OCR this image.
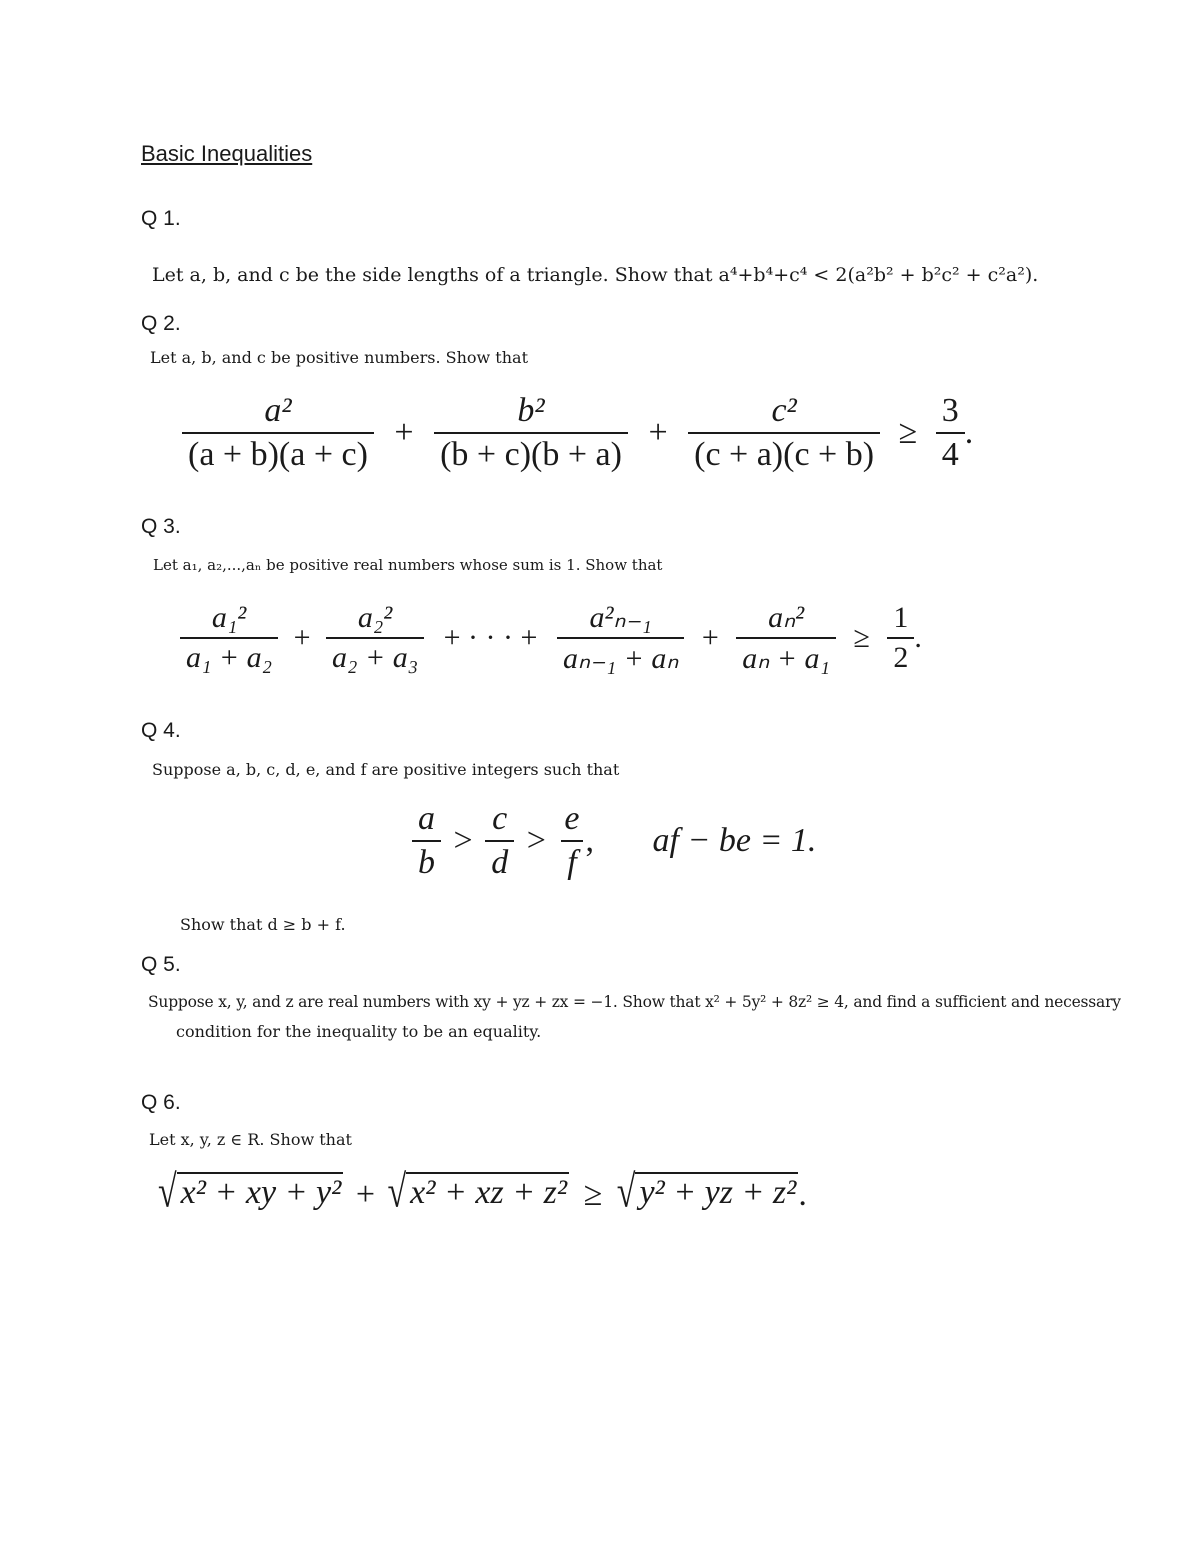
Basic Inequalities
Q 1.
Let a, b, and c be the side lengths of a triangle. Show that a⁴+b⁴+c⁴ < 2(a²b² + b²c² + c²a²).
Q 2.
Let a, b, and c be positive numbers. Show that
$\frac{\text{a²}}{(a + b)(a + c)} + \frac{\text{b²}}{(b + c)(b + a)} + \frac{\text{c²}}{(c + a)(c + b)} \ge \frac{3}{4}$ .
Q 3.
Let a₁, a₂,...,aₙ be positive real numbers whose sum is 1. Show that
$\frac{\text{a₁²}}{\text{a₁ + a₂}} + \frac{\text{a₂²}}{\text{a₂ + a₃}}$ + · · · + $\frac{\text{a²ₙ₋₁}}{\text{aₙ₋₁ + aₙ}} + \frac{\text{aₙ²}}{\text{aₙ + a₁}} \ge \frac{1}{2}$ .
Q 4.
Suppose a, b, c, d, e, and f are positive integers such that
$\frac{a}{b} > \frac{c}{d} > \frac{e}{f}$ , af − be = 1.
Show that d ≥ b + f.
Q 5.
Suppose x, y, and z are real numbers with xy + yz + zx = −1. Show that x² + 5y² + 8z² ≥ 4, and find a sufficient and necessary
condition for the inequality to be an equality.
Q 6.
Let x, y, z ∈ R. Show that
√ x² + xy + y² + √ x² + xz + z² ≥ √ y² + yz + z².
